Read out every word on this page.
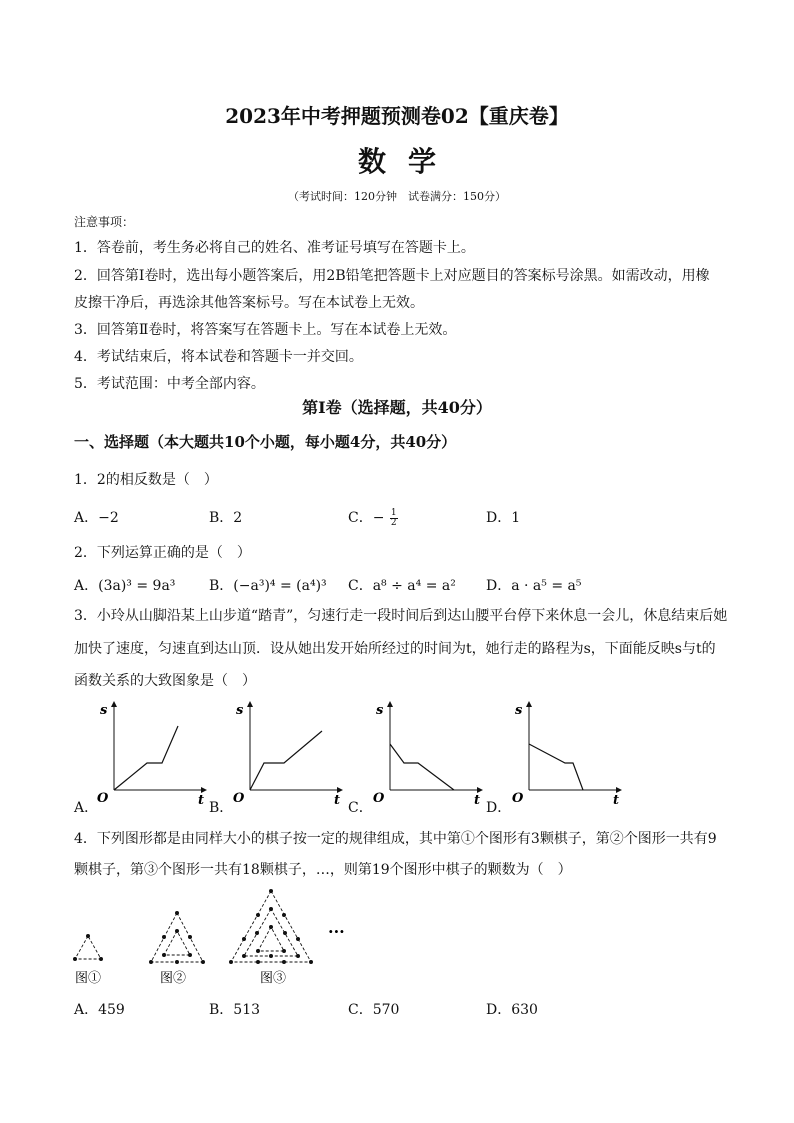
2023年中考押题预测卷02【重庆卷】
数学
（考试时间：120分钟　试卷满分：150分）
注意事项：
1．答卷前，考生务必将自己的姓名、准考证号填写在答题卡上。
2．回答第Ⅰ卷时，选出每小题答案后，用2B铅笔把答题卡上对应题目的答案标号涂黑。如需改动，用橡
皮擦干净后，再选涂其他答案标号。写在本试卷上无效。
3．回答第Ⅱ卷时，将答案写在答题卡上。写在本试卷上无效。
4．考试结束后，将本试卷和答题卡一并交回。
5．考试范围：中考全部内容。
第Ⅰ卷（选择题，共40分）
一、选择题（本大题共10个小题，每小题4分，共40分）
1．2的相反数是（　）
A．−2	B．2	C．− $\frac{1}{2}$	D．1
2．下列运算正确的是（　）
A．(3a)³ = 9a³ B．(−a³)⁴ = (a⁴)³ C．a⁸ ÷ a⁴ = a² D．a · a⁵ = a⁵
3．小玲从山脚沿某上山步道“踏青”，匀速行走一段时间后到达山腰平台停下来休息一会儿，休息结束后她
加快了速度，匀速直到达山顶．设从她出发开始所经过的时间为t，她行走的路程为s，下面能反映s与t的
函数关系的大致图象是（　）
A．	B．	C．	D．
s
t
O
s
t
O
s
t
O
s
t
O
4．下列图形都是由同样大小的棋子按一定的规律组成，其中第①个图形有3颗棋子，第②个图形一共有9
颗棋子，第③个图形一共有18颗棋子，…，则第19个图形中棋子的颗数为（　）
···
图①	图②	图③
A．459	B．513	C．570	D．630
